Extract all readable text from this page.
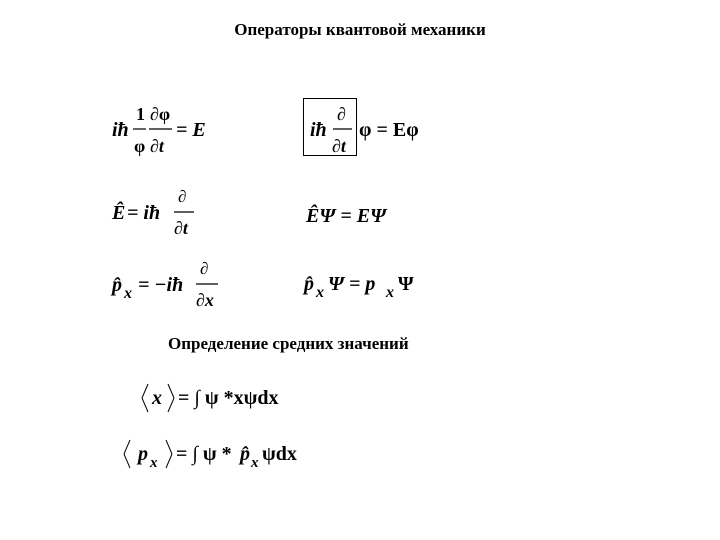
Операторы квантовой механики
iħ
1
φ
∂φ
∂t
= E	iħ
∂
∂t
φ = Eφ
Ê = iħ
∂
∂t
ÊΨ = EΨ
p̂ x = −iħ
∂
∂x
p̂ x Ψ = p x Ψ
Определение средних значений
x = ∫ ψ *xψdx
p x = ∫ ψ * p̂ x ψdx
